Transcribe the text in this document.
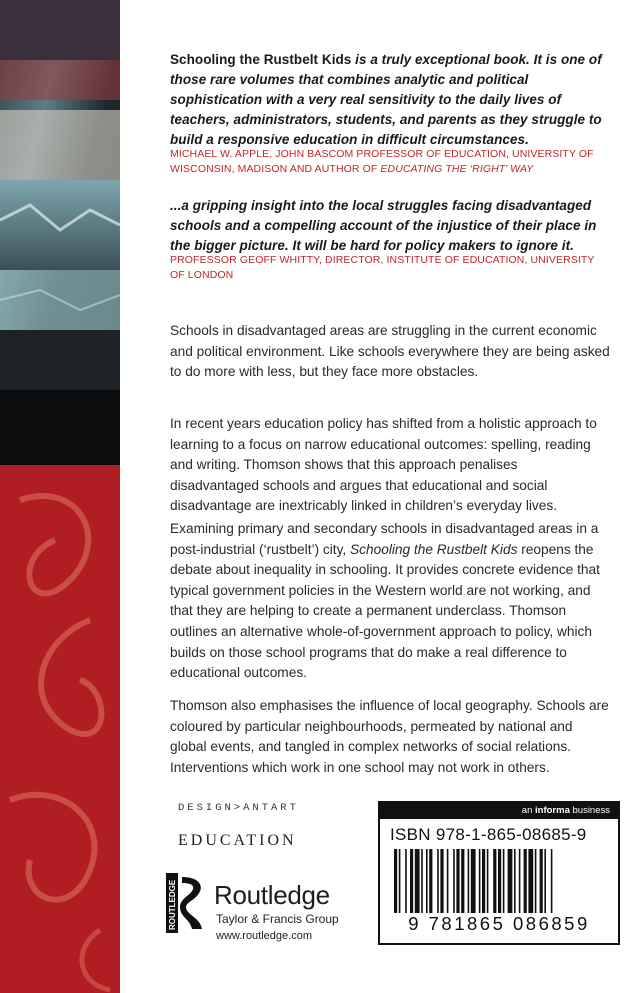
Schooling the Rustbelt Kids is a truly exceptional book. It is one of those rare volumes that combines analytic and political sophistication with a very real sensitivity to the daily lives of teachers, administrators, students, and parents as they struggle to build a responsive education in difficult circumstances.
MICHAEL W. APPLE, JOHN BASCOM PROFESSOR OF EDUCATION, UNIVERSITY OF WISCONSIN, MADISON AND AUTHOR OF EDUCATING THE ‘RIGHT’ WAY
...a gripping insight into the local struggles facing disadvantaged schools and a compelling account of the injustice of their place in the bigger picture. It will be hard for policy makers to ignore it.
PROFESSOR GEOFF WHITTY, DIRECTOR, INSTITUTE OF EDUCATION, UNIVERSITY OF LONDON

Schools in disadvantaged areas are struggling in the current economic and political environment. Like schools everywhere they are being asked to do more with less, but they face more obstacles.

In recent years education policy has shifted from a holistic approach to learning to a focus on narrow educational outcomes: spelling, reading and writing. Thomson shows that this approach penalises disadvantaged schools and argues that educational and social disadvantage are inextricably linked in children’s everyday lives.

Examining primary and secondary schools in disadvantaged areas in a post-industrial (‘rustbelt’) city, Schooling the Rustbelt Kids reopens the debate about inequality in schooling. It provides concrete evidence that typical government policies in the Western world are not working, and that they are helping to create a permanent underclass. Thomson outlines an alternative whole-of-government approach to policy, which builds on those school programs that do make a real difference to educational outcomes.

Thomson also emphasises the influence of local geography. Schools are coloured by particular neighbourhoods, permeated by national and global events, and tangled in complex networks of social relations. Interventions which work in one school may not work in others.

DESIGN>ANTART
EDUCATION
ROUTLEDGE Routledge
Taylor & Francis Group
www.routledge.com
an informa business
ISBN 978-1-865-08685-9
9 781865 086859
